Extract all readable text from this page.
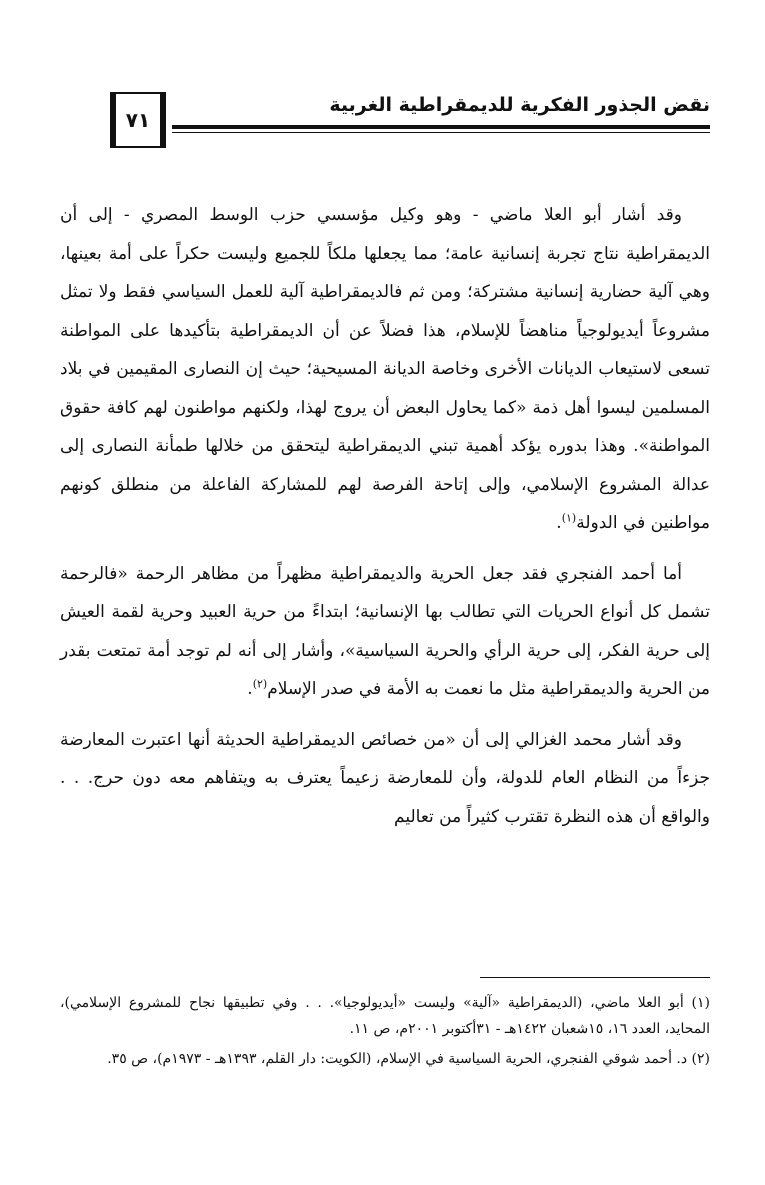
٧١
نقض الجذور الفكرية للديمقراطية الغربية

وقد أشار أبو العلا ماضي - وهو وكيل مؤسسي حزب الوسط المصري - إلى أن الديمقراطية نتاج تجربة إنسانية عامة؛ مما يجعلها ملكاً للجميع وليست حكراً على أمة بعينها، وهي آلية حضارية إنسانية مشتركة؛ ومن ثم فالديمقراطية آلية للعمل السياسي فقط ولا تمثل مشروعاً أيديولوجياً مناهضاً للإسلام، هذا فضلاً عن أن الديمقراطية بتأكيدها على المواطنة تسعى لاستيعاب الديانات الأخرى وخاصة الديانة المسيحية؛ حيث إن النصارى المقيمين في بلاد المسلمين ليسوا أهل ذمة «كما يحاول البعض أن يروج لهذا، ولكنهم مواطنون لهم كافة حقوق المواطنة». وهذا بدوره يؤكد أهمية تبني الديمقراطية ليتحقق من خلالها طمأنة النصارى إلى عدالة المشروع الإسلامي، وإلى إتاحة الفرصة لهم للمشاركة الفاعلة من منطلق كونهم مواطنين في الدولة$^{(١)}$.

أما أحمد الفنجري فقد جعل الحرية والديمقراطية مظهراً من مظاهر الرحمة «فالرحمة تشمل كل أنواع الحريات التي تطالب بها الإنسانية؛ ابتداءً من حرية العبيد وحرية لقمة العيش إلى حرية الفكر، إلى حرية الرأي والحرية السياسية»، وأشار إلى أنه لم توجد أمة تمتعت بقدر من الحرية والديمقراطية مثل ما نعمت به الأمة في صدر الإسلام$^{(٢)}$.

وقد أشار محمد الغزالي إلى أن «من خصائص الديمقراطية الحديثة أنها اعتبرت المعارضة جزءاً من النظام العام للدولة، وأن للمعارضة زعيماً يعترف به ويتفاهم معه دون حرج. . . والواقع أن هذه النظرة تقترب كثيراً من تعاليم

(١) أبو العلا ماضي، (الديمقراطية «آلية» وليست «أيديولوجيا». . . وفي تطبيقها نجاح للمشروع الإسلامي)، المحايد، العدد ١٦، ١٥شعبان ١٤٢٢هـ - ٣١أكتوبر ٢٠٠١م، ص ١١.

(٢) د. أحمد شوقي الفنجري، الحرية السياسية في الإسلام، (الكويت: دار القلم، ١٣٩٣هـ - ١٩٧٣م)، ص ٣٥.
